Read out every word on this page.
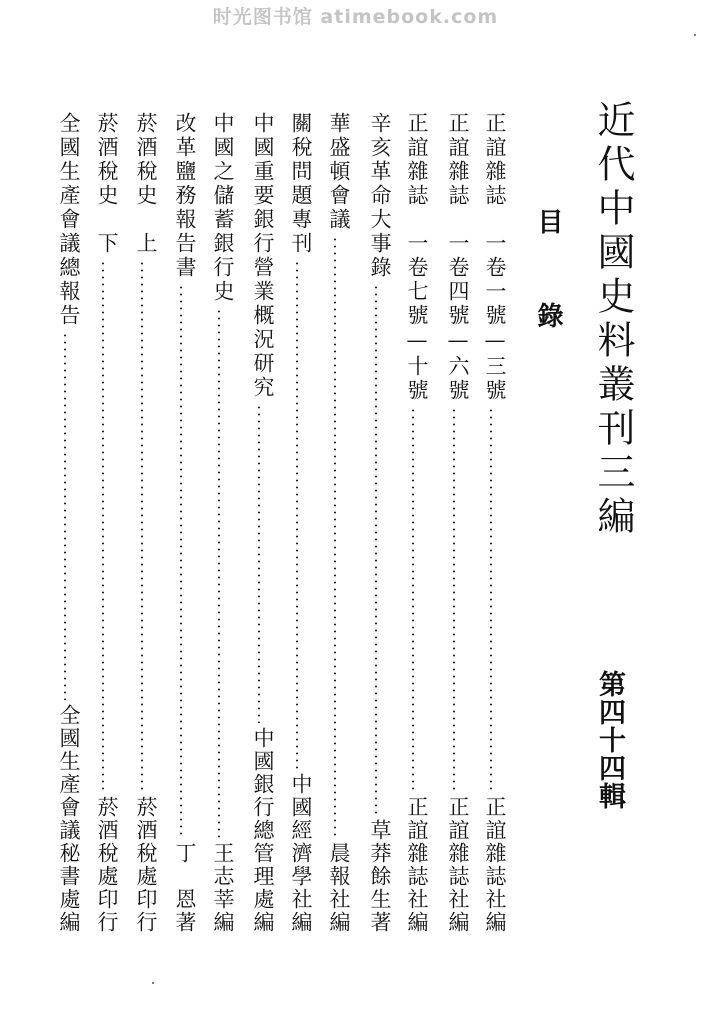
时光图书馆 atimebook.com
近代中國史料叢刊三編
目錄
第四十四輯
正誼雜誌　一卷一號—三號
正誼雜誌社編
正誼雜誌　一卷四號—六號
正誼雜誌社編
正誼雜誌　一卷七號—十號
正誼雜誌社編
辛亥革命大事錄
草莽餘生著
華盛頓會議
晨報社編
關稅問題專刊
中國經濟學社編
中國重要銀行營業概況研究
中國銀行總管理處編
中國之儲蓄銀行史
王志莘編
改革鹽務報告書
丁　恩著
菸酒稅史　上
菸酒稅處印行
菸酒稅史　下
菸酒稅處印行
全國生產會議總報告
全國生產會議秘書處編
